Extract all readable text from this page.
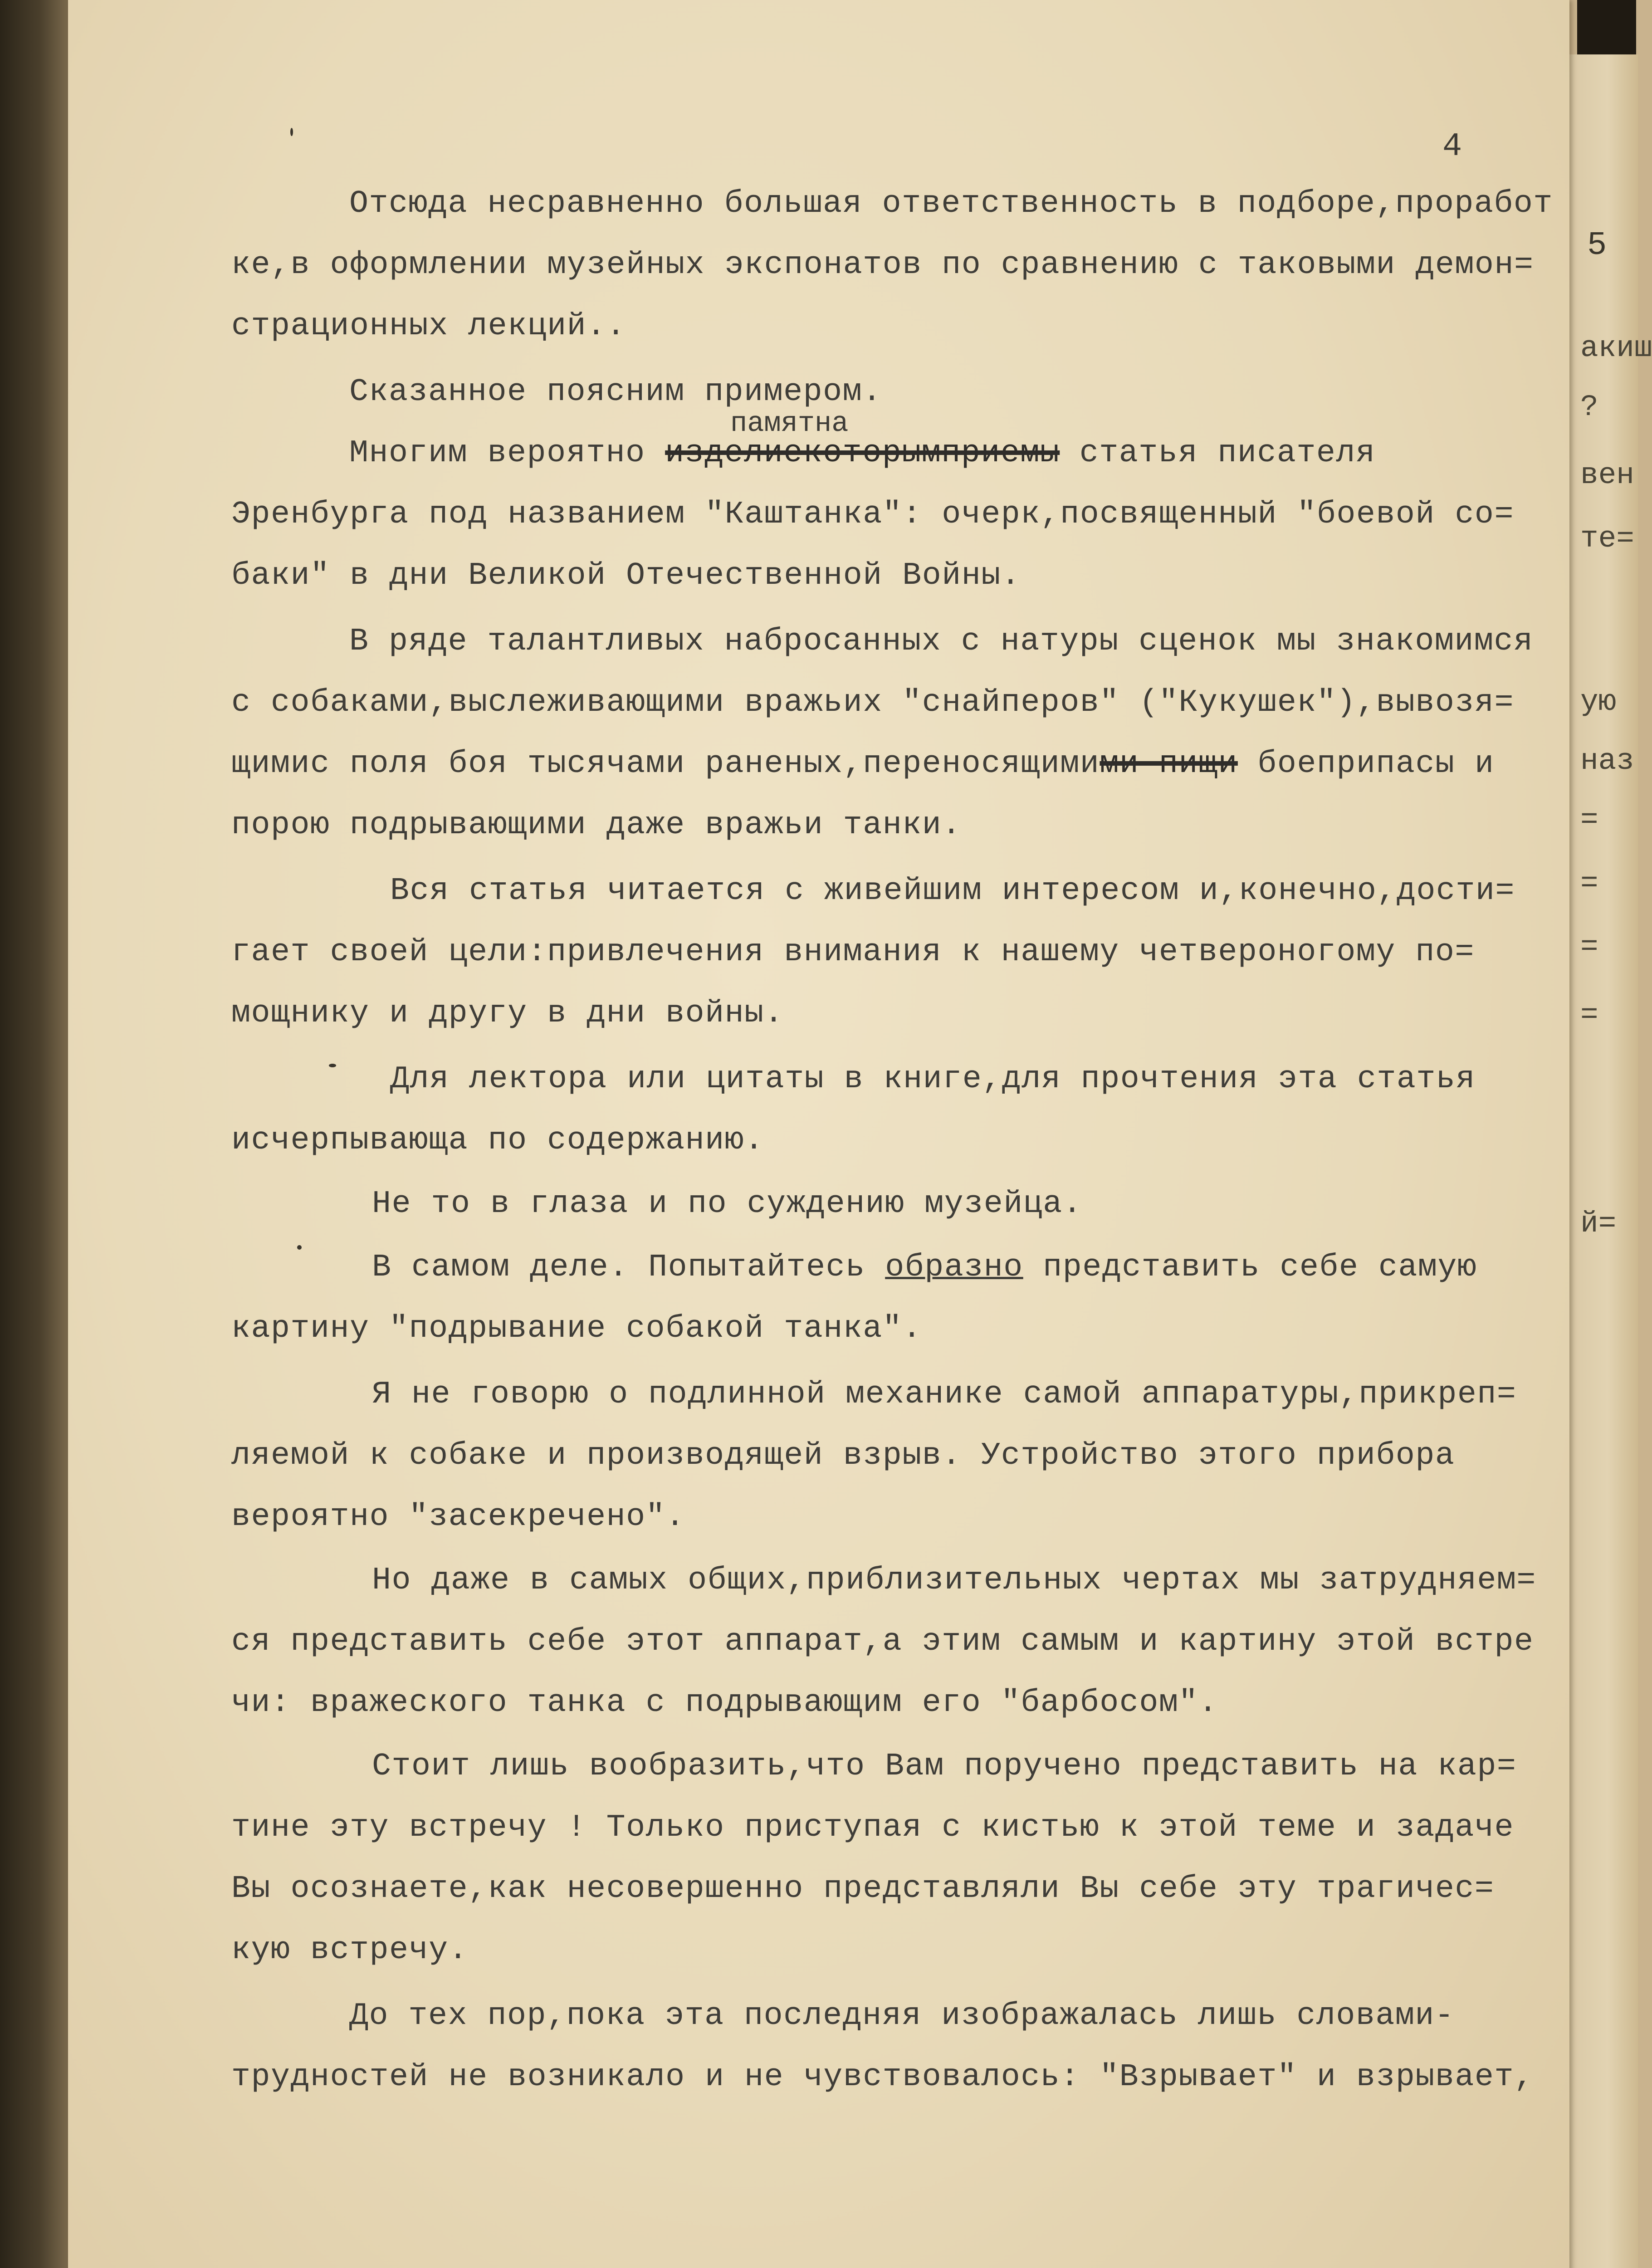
5
акиш
?
вен
те=
ую
наз
=
=
=
=
й=
4
Отсюда несравненно большая ответственность в подборе,проработ
ке,в оформлении музейных экспонатов по сравнению с таковыми демон=
страционных лекций..
Сказанное поясним примером.
памятна
Многим вероятно изделиекоторымприемы статья писателя
Эренбурга под названием "Каштанка": очерк,посвященный "боевой со=
баки" в дни Великой Отечественной Войны.
В ряде талантливых набросанных с натуры сценок мы знакомимся
с собаками,выслеживающими вражьих "снайперов" ("Кукушек"),вывозя=
щимис поля боя тысячами раненых,переносящимими пищи боеприпасы и
порою подрывающими даже вражьи танки.
Вся статья читается с живейшим интересом и,конечно,дости=
гает своей цели:привлечения внимания к нашему четвероногому по=
мощнику и другу в дни войны.
Для лектора или цитаты в книге,для прочтения эта статья
исчерпывающа по содержанию.
Не то в глаза и по суждению музейца.
В самом деле. Попытайтесь образно представить себе самую
картину "подрывание собакой танка".
Я не говорю о подлинной механике самой аппаратуры,прикреп=
ляемой к собаке и производящей взрыв. Устройство этого прибора
вероятно "засекречено".
Но даже в самых общих,приблизительных чертах мы затрудняем=
ся представить себе этот аппарат,а этим самым и картину этой встре
чи: вражеского танка с подрывающим его "барбосом".
Стоит лишь вообразить,что Вам поручено представить на кар=
тине эту встречу ! Только приступая с кистью к этой теме и задаче
Вы осознаете,как несовершенно представляли Вы себе эту трагичес=
кую встречу.
До тех пор,пока эта последняя изображалась лишь словами-
трудностей не возникало и не чувствовалось: "Взрывает" и взрывает,
